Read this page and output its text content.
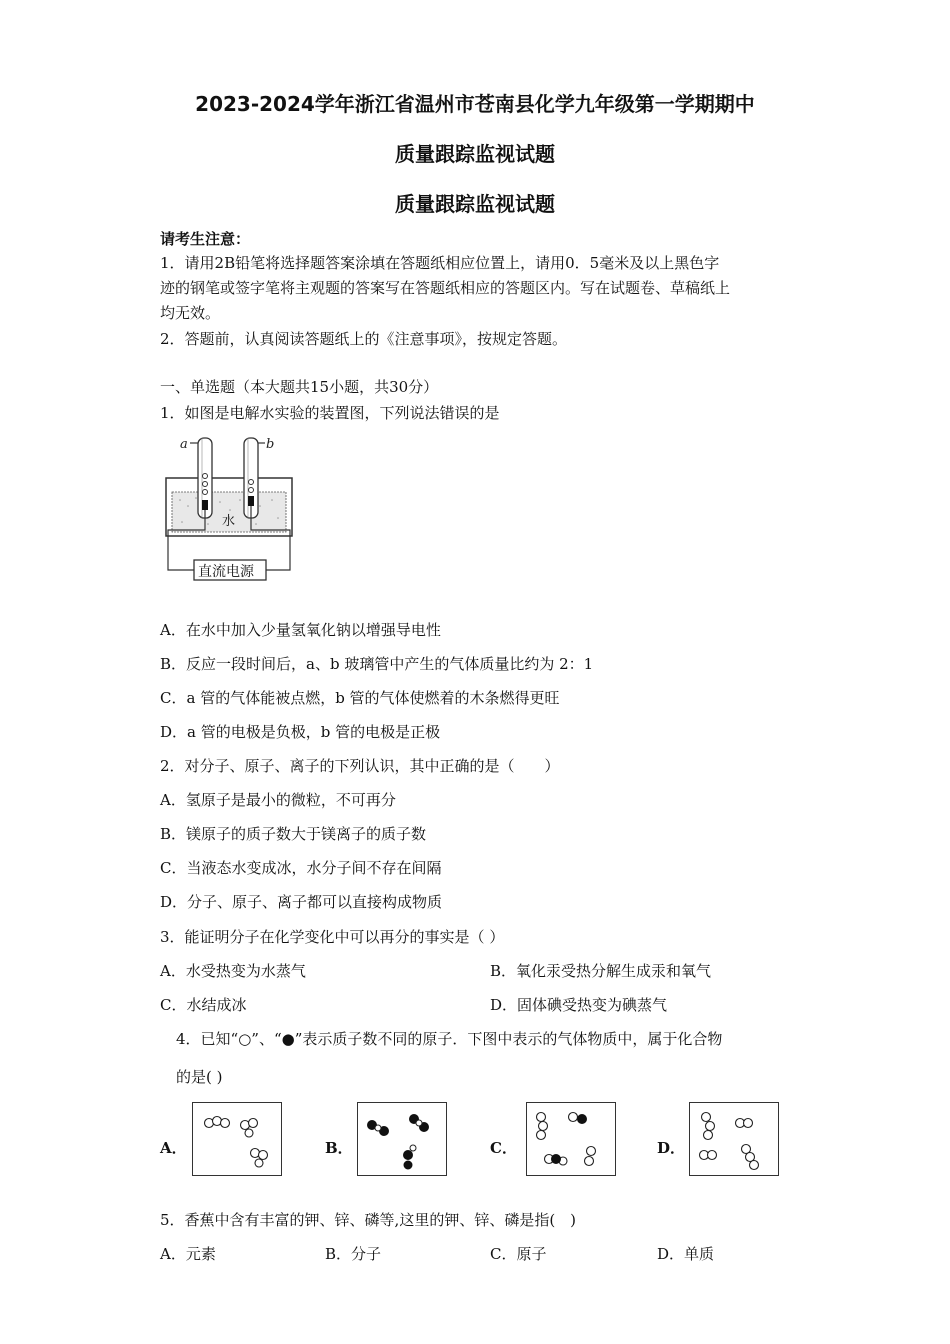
2023-2024学年浙江省温州市苍南县化学九年级第一学期期中
质量跟踪监视试题
质量跟踪监视试题
请考生注意：
1．请用2B铅笔将选择题答案涂填在答题纸相应位置上，请用0．5毫米及以上黑色字
迹的钢笔或签字笔将主观题的答案写在答题纸相应的答题区内。写在试题卷、草稿纸上
均无效。
2．答题前，认真阅读答题纸上的《注意事项》，按规定答题。
一、单选题（本大题共15小题，共30分）
1．如图是电解水实验的装置图，下列说法错误的是
a	b
水
直流电源
A．在水中加入少量氢氧化钠以增强导电性
B．反应一段时间后，a、b 玻璃管中产生的气体质量比约为 2：1
C．a 管的气体能被点燃，b 管的气体使燃着的木条燃得更旺
D．a 管的电极是负极，b 管的电极是正极
2．对分子、原子、离子的下列认识，其中正确的是（　　）
A．氢原子是最小的微粒，不可再分
B．镁原子的质子数大于镁离子的质子数
C．当液态水变成冰，水分子间不存在间隔
D．分子、原子、离子都可以直接构成物质
3．能证明分子在化学变化中可以再分的事实是（ ）
A．水受热变为水蒸气	B．氧化汞受热分解生成汞和氧气
C．水结成冰	D．固体碘受热变为碘蒸气
4．已知“○”、“●”表示质子数不同的原子．下图中表示的气体物质中，属于化合物
的是( )
A．	B．	C．	D．
5．香蕉中含有丰富的钾、锌、磷等,这里的钾、锌、磷是指(　)
A．元素	B．分子	C．原子	D．单质
